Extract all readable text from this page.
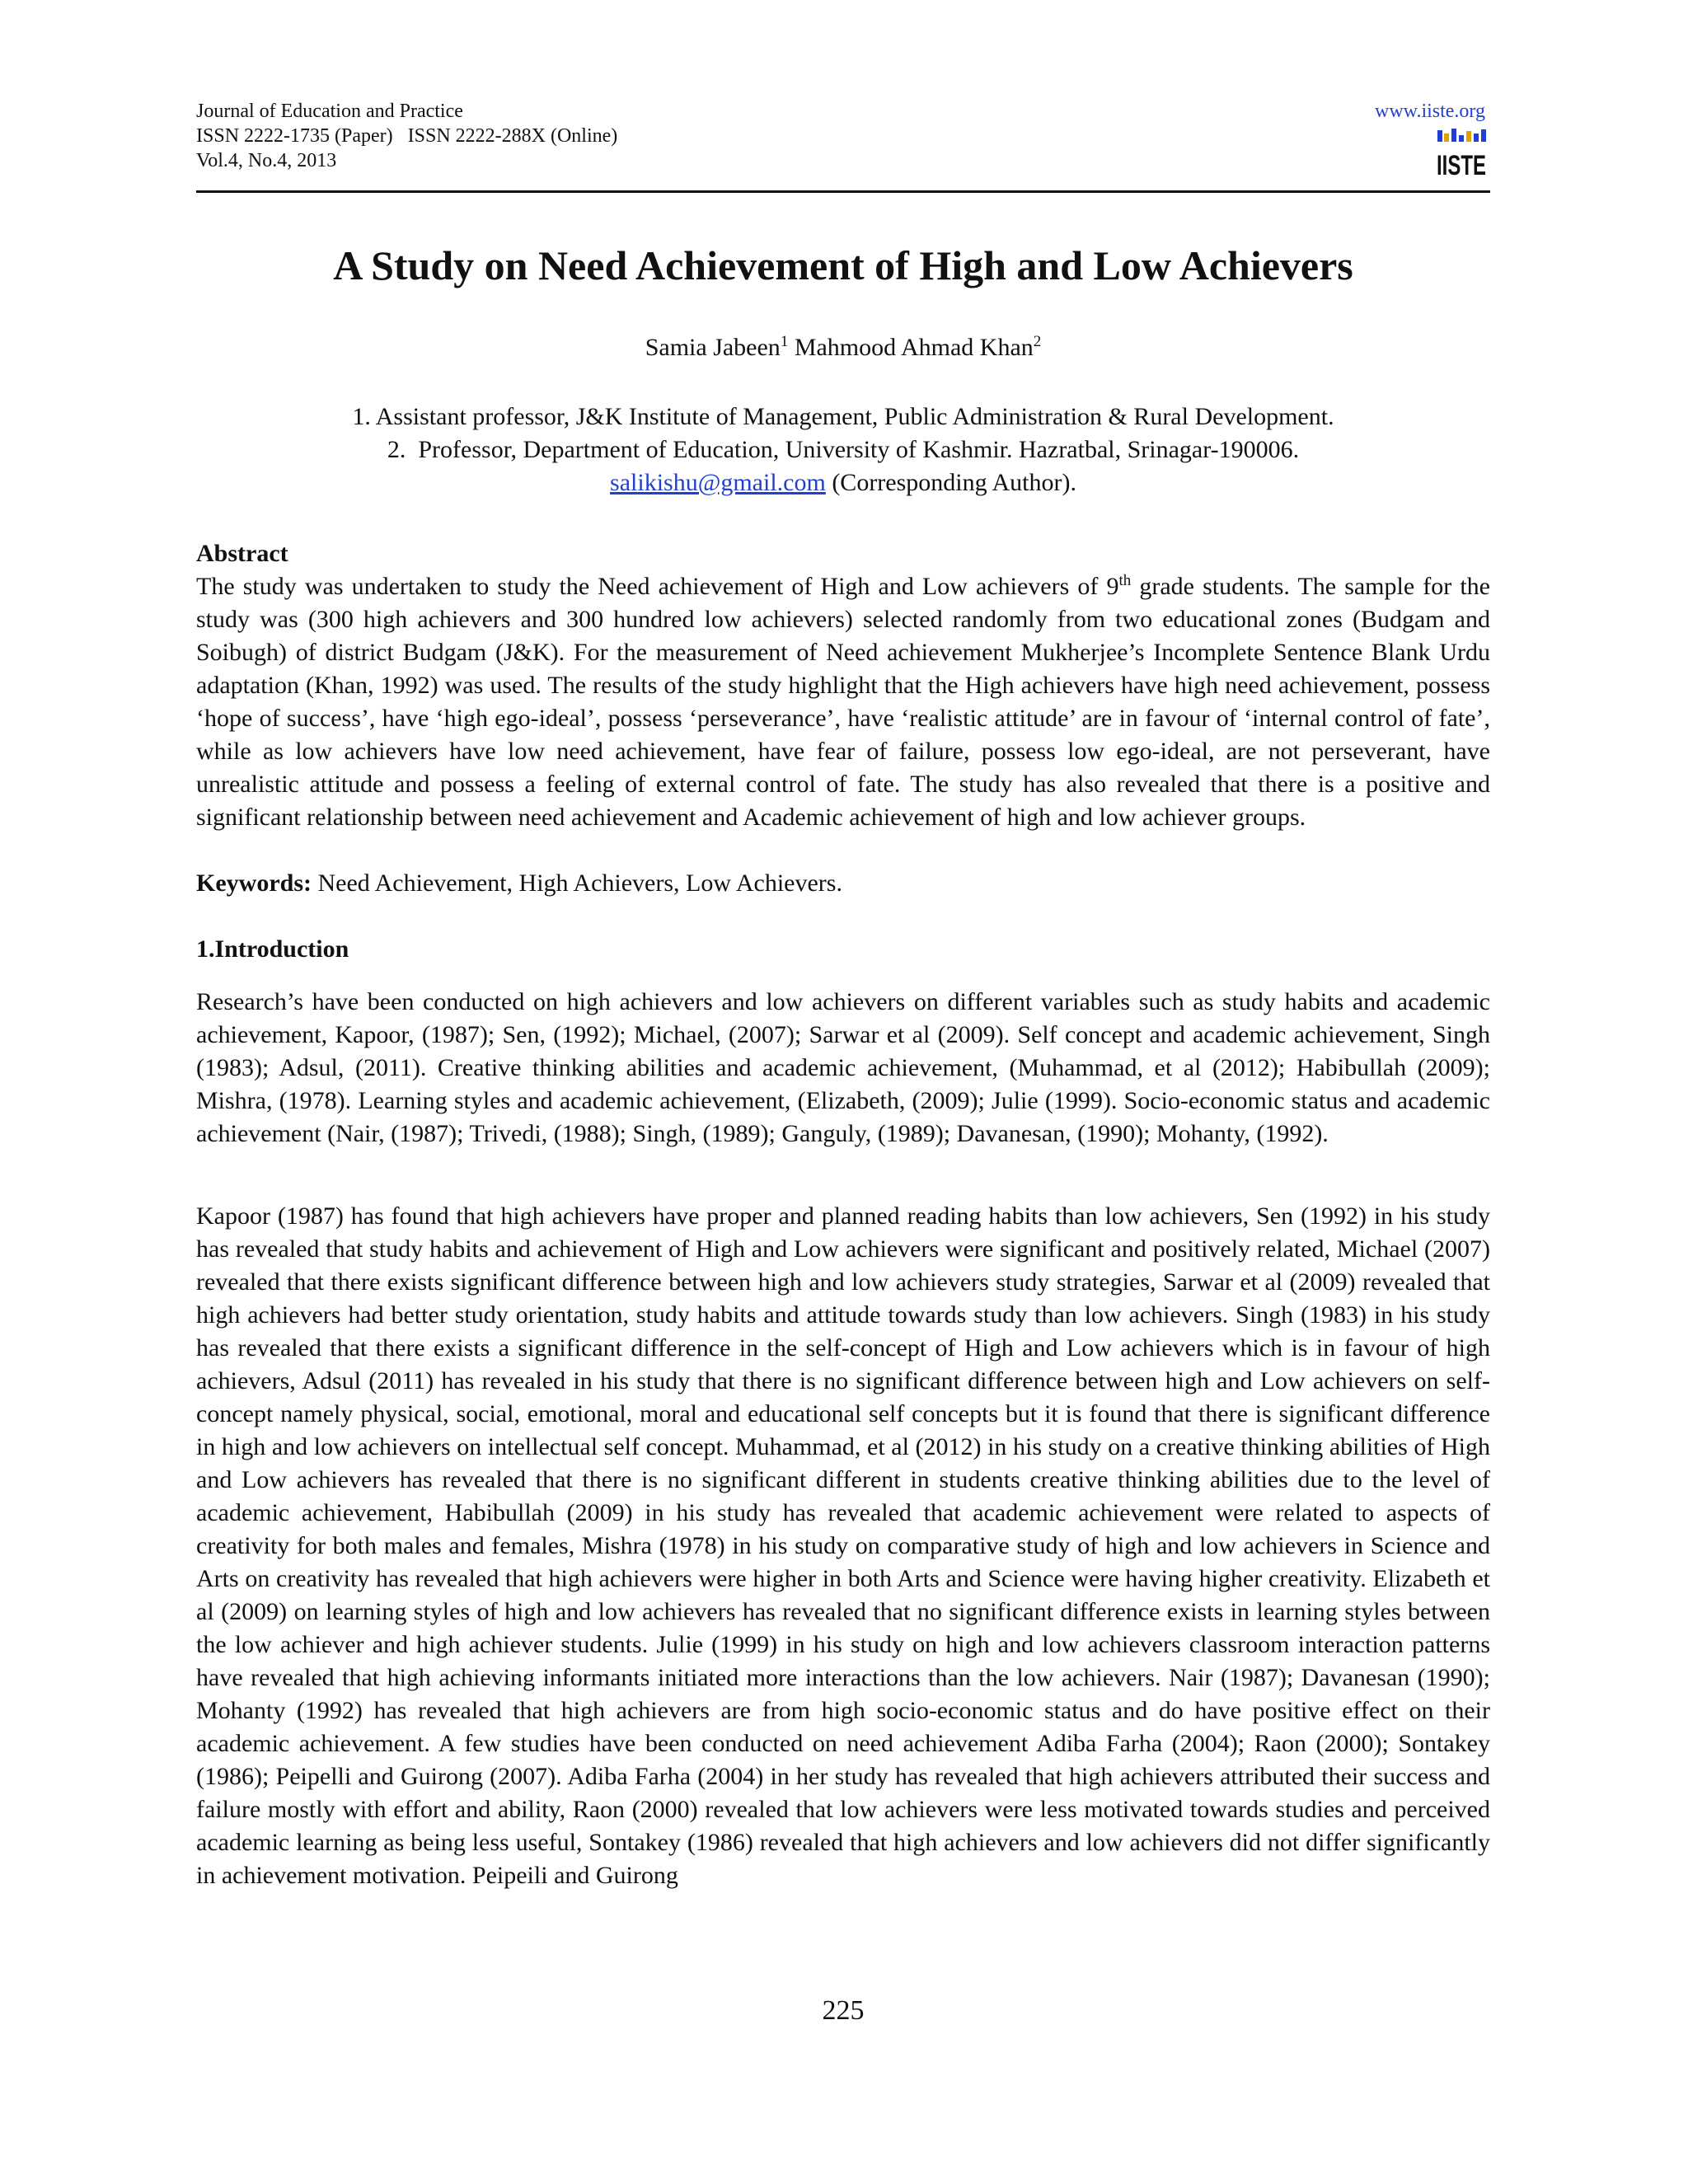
Journal of Education and Practice
ISSN 2222-1735 (Paper)   ISSN 2222-288X (Online)
Vol.4, No.4, 2013
www.iiste.org
IISTE
A Study on Need Achievement of High and Low Achievers
Samia Jabeen$^1$ Mahmood Ahmad Khan$^2$
1. Assistant professor, J&K Institute of Management, Public Administration & Rural Development.
2.  Professor, Department of Education, University of Kashmir. Hazratbal, Srinagar-190006.
salikishu@gmail.com (Corresponding Author).
Abstract
The study was undertaken to study the Need achievement of High and Low achievers of 9th grade students. The sample for the study was (300 high achievers and 300 hundred low achievers) selected randomly from two educational zones (Budgam and Soibugh) of district Budgam (J&K). For the measurement of Need achievement Mukherjee’s Incomplete Sentence Blank Urdu adaptation (Khan, 1992) was used. The results of the study highlight that the High achievers have high need achievement, possess ‘hope of success’, have ‘high ego-ideal’, possess ‘perseverance’, have ‘realistic attitude’ are in favour of ‘internal control of fate’, while as low achievers have low need achievement, have fear of failure, possess low ego-ideal, are not perseverant, have unrealistic attitude and possess a feeling of external control of fate. The study has also revealed that there is a positive and significant relationship between need achievement and Academic achievement of high and low achiever groups.
Keywords: Need Achievement, High Achievers, Low Achievers.
1.Introduction
Research’s have been conducted on high achievers and low achievers on different variables such as study habits and academic achievement, Kapoor, (1987); Sen, (1992); Michael, (2007); Sarwar et al (2009). Self concept and academic achievement, Singh (1983); Adsul, (2011). Creative thinking abilities and academic achievement, (Muhammad, et al (2012); Habibullah (2009); Mishra, (1978). Learning styles and academic achievement, (Elizabeth, (2009); Julie (1999). Socio-economic status and academic achievement (Nair, (1987); Trivedi, (1988); Singh, (1989); Ganguly, (1989); Davanesan, (1990); Mohanty, (1992).
Kapoor (1987) has found that high achievers have proper and planned reading habits than low achievers, Sen (1992) in his study has revealed that study habits and achievement of High and Low achievers were significant and positively related, Michael (2007) revealed that there exists significant difference between high and low achievers study strategies, Sarwar et al (2009) revealed that high achievers had better study orientation, study habits and attitude towards study than low achievers. Singh (1983) in his study has revealed that there exists a significant difference in the self-concept of High and Low achievers which is in favour of high achievers, Adsul (2011) has revealed in his study that there is no significant difference between high and Low achievers on self-concept namely physical, social, emotional, moral and educational self concepts but it is found that there is significant difference in high and low achievers on intellectual self concept. Muhammad, et al (2012) in his study on a creative thinking abilities of High and Low achievers has revealed that there is no significant different in students creative thinking abilities due to the level of academic achievement, Habibullah (2009) in his study has revealed that academic achievement were related to aspects of creativity for both males and females, Mishra (1978) in his study on comparative study of high and low achievers in Science and Arts on creativity has revealed that high achievers were higher in both Arts and Science were having higher creativity. Elizabeth et al (2009) on learning styles of high and low achievers has revealed that no significant difference exists in learning styles between the low achiever and high achiever students. Julie (1999) in his study on high and low achievers classroom interaction patterns have revealed that high achieving informants initiated more interactions than the low achievers. Nair (1987); Davanesan (1990); Mohanty (1992) has revealed that high achievers are from high socio-economic status and do have positive effect on their academic achievement. A few studies have been conducted on need achievement Adiba Farha (2004); Raon (2000); Sontakey (1986); Peipelli and Guirong (2007). Adiba Farha (2004) in her study has revealed that high achievers attributed their success and failure mostly with effort and ability, Raon (2000) revealed that low achievers were less motivated towards studies and perceived academic learning as being less useful, Sontakey (1986) revealed that high achievers and low achievers did not differ significantly in achievement motivation. Peipeili and Guirong
225
